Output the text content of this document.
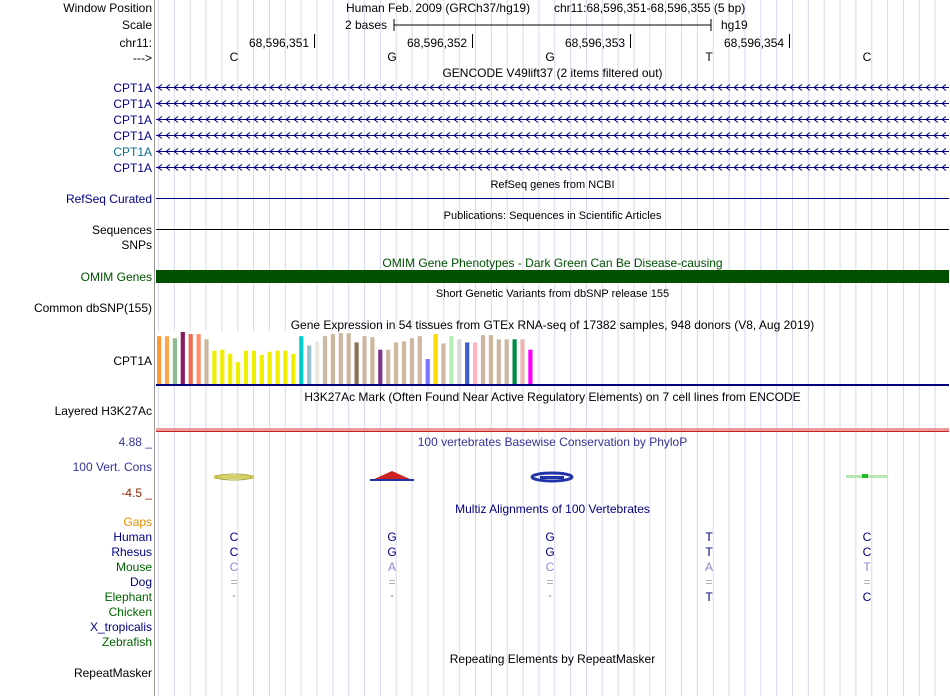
Window Position
Scale
chr11:
--->
Human Feb. 2009 (GRCh37/hg19) chr11:68,596,351-68,596,355 (5 bp)
2 bases	hg19
68,596,351	68,596,352	68,596,353	68,596,354
C	G	G	T	C
GENCODE V49lift37 (2 items filtered out)
CPT1A
CPT1A
CPT1A
CPT1A
CPT1A
CPT1A
RefSeq genes from NCBI
RefSeq Curated
Publications: Sequences in Scientific Articles
Sequences
SNPs
OMIM Gene Phenotypes - Dark Green Can Be Disease-causing
OMIM Genes
Short Genetic Variants from dbSNP release 155
Common dbSNP(155)
Gene Expression in 54 tissues from GTEx RNA-seq of 17382 samples, 948 donors (V8, Aug 2019)
CPT1A
H3K27Ac Mark (Often Found Near Active Regulatory Elements) on 7 cell lines from ENCODE
Layered H3K27Ac
4.88 _	100 vertebrates Basewise Conservation by PhyloP
100 Vert. Cons
-4.5 _
Multiz Alignments of 100 Vertebrates
Gaps
Human	C	G	G	T	C
Rhesus	C	G	G	T	C
Mouse	C	A	C	A	T
Dog	=	=	=	=	=
Elephant	-	-	-	T	C
Chicken
X_tropicalis
Zebrafish
Repeating Elements by RepeatMasker
RepeatMasker
